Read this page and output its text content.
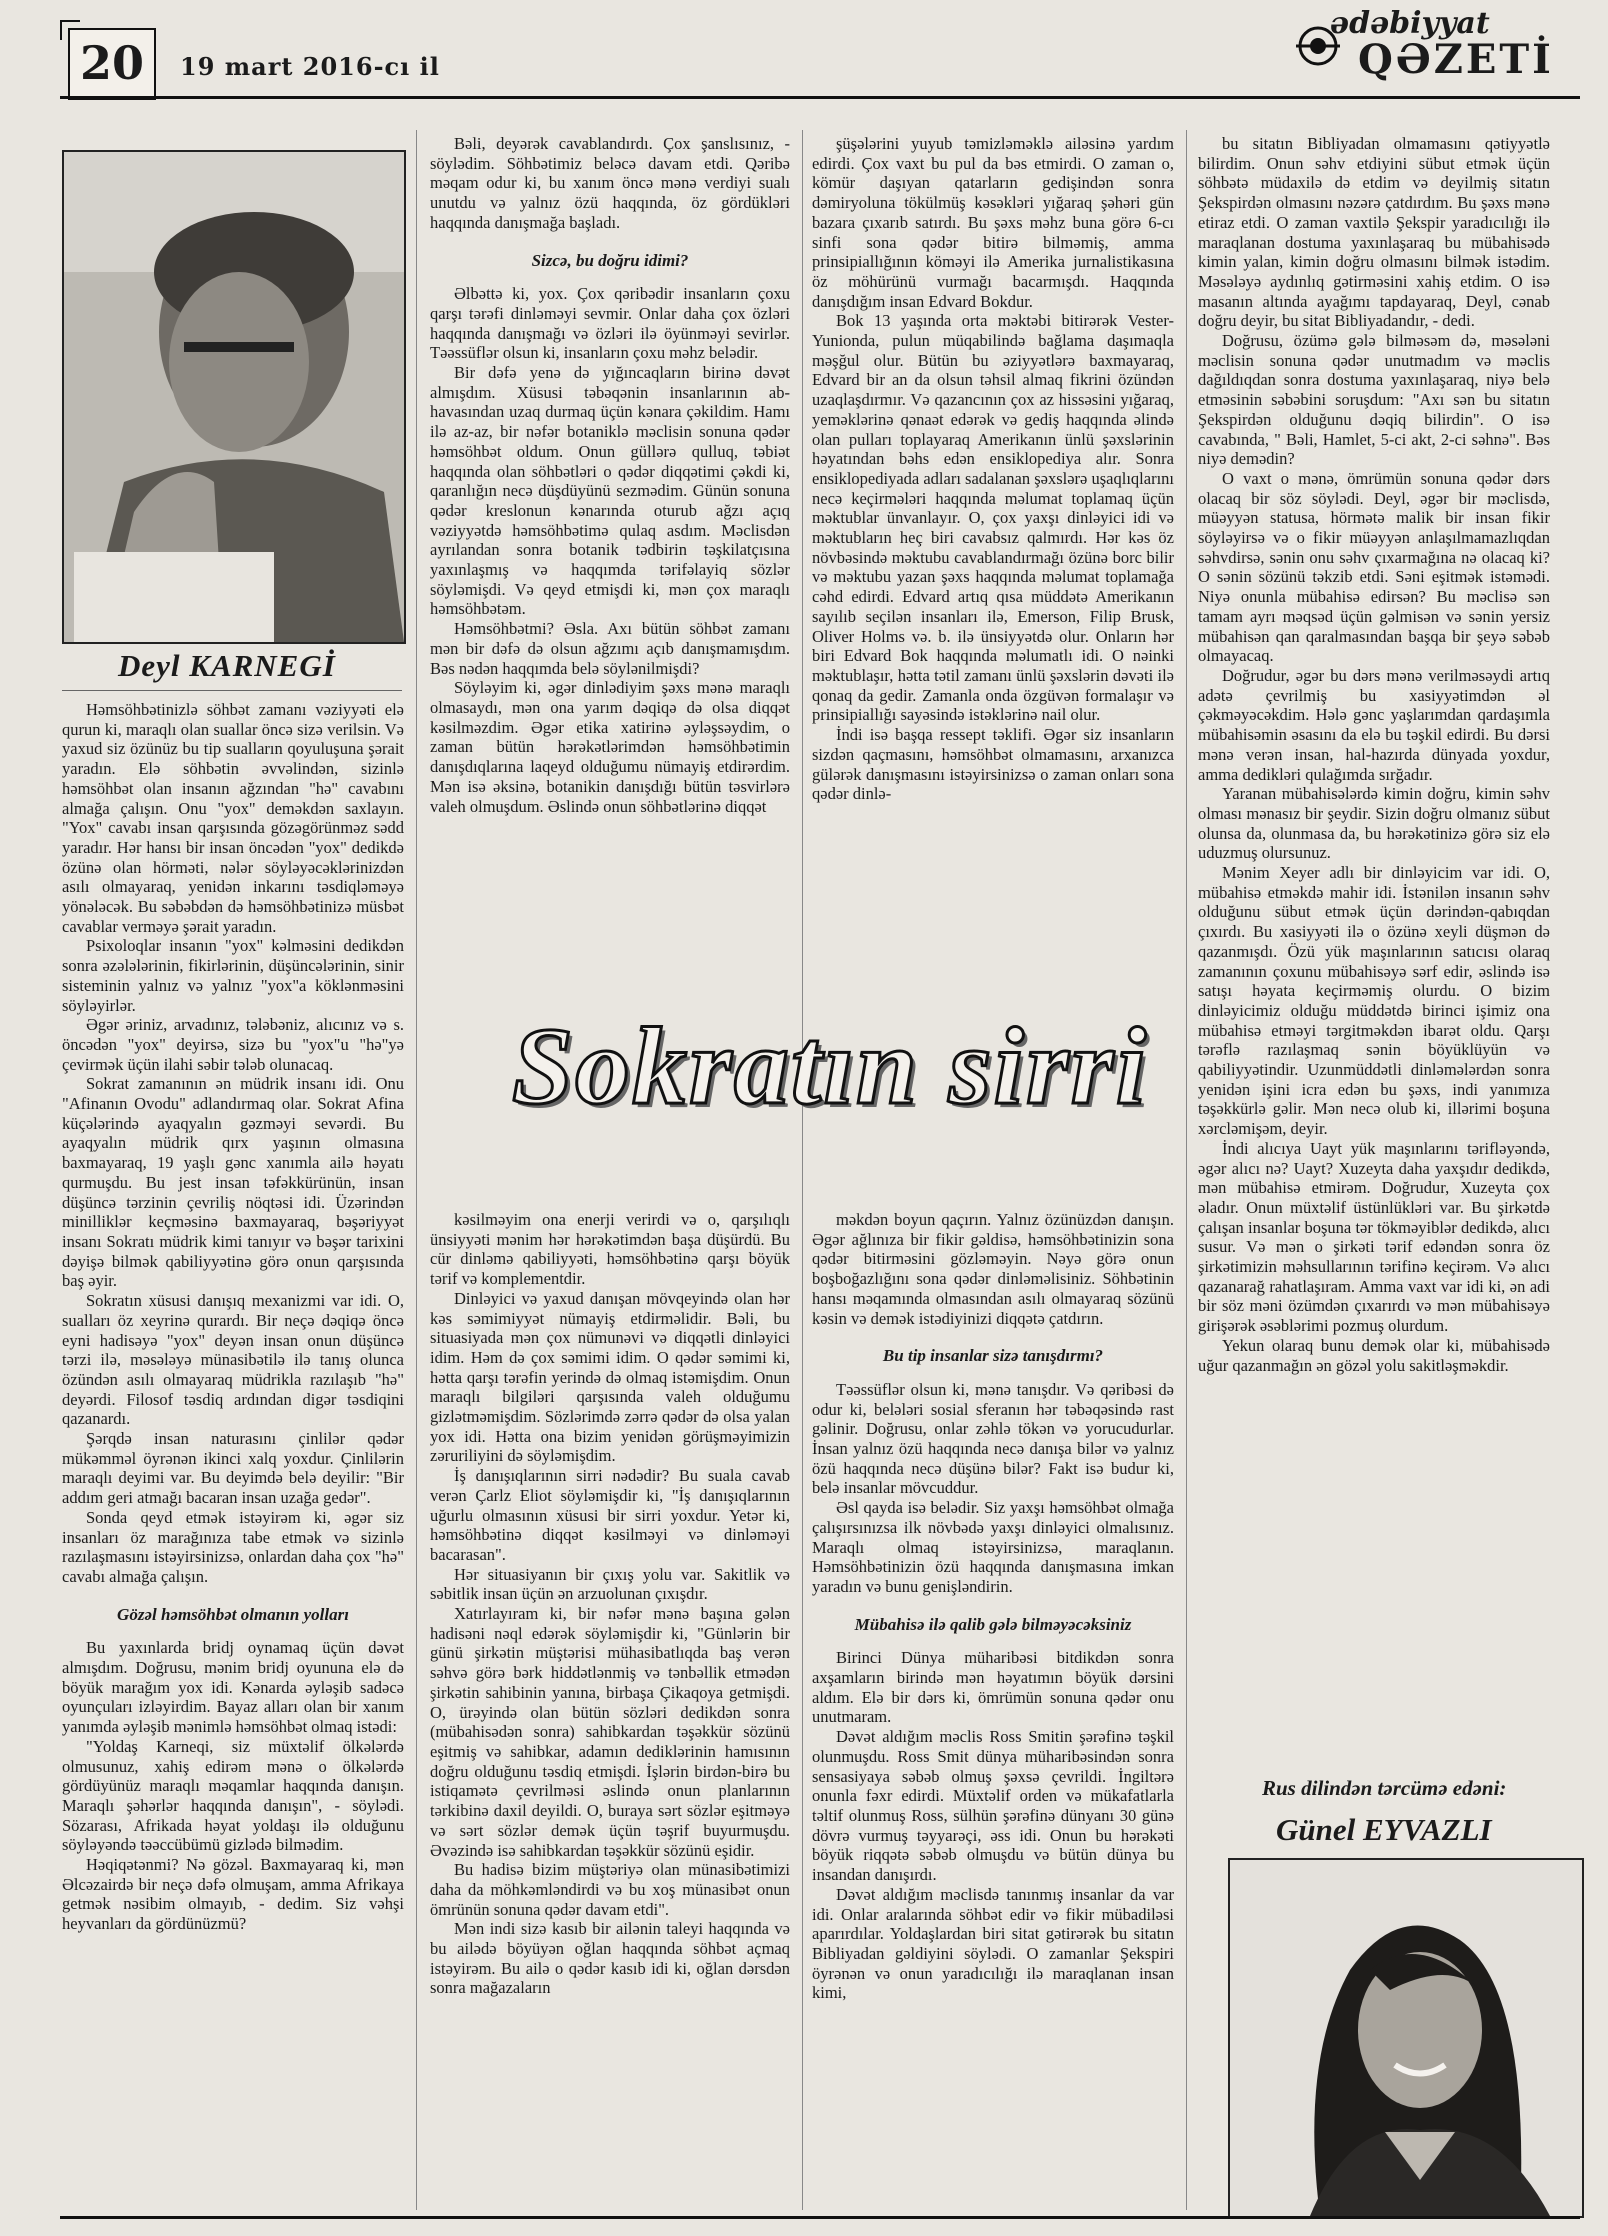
20	19 mart 2016-cı il
ədəbiyyat
QƏZETİ
Deyl KARNEGİ

Həmsöhbətinizlə söhbət zamanı vəziyyəti elə qurun ki, maraqlı olan suallar öncə sizə verilsin. Və yaxud siz özünüz bu tip sualların qoyuluşuna şərait yaradın. Elə söhbətin əvvəlindən, sizinlə həmsöhbət olan insanın ağzından "hə" cavabını almağa çalışın. Onu "yox" deməkdən saxlayın. "Yox" cavabı insan qarşısında gözəgörünməz sədd yaradır. Hər hansı bir insan öncədən "yox" dedikdə özünə olan hörməti, nələr söyləyəcəklərinizdən asılı olmayaraq, yenidən inkarını təsdiqləməyə yönələcək. Bu səbəbdən də həmsöhbətinizə müsbət cavablar verməyə şərait yaradın.

Psixoloqlar insanın "yox" kəlməsini dedikdən sonra əzələlərinin, fikirlərinin, düşüncələrinin, sinir sisteminin yalnız və yalnız "yox"a köklənməsini söyləyirlər.

Əgər əriniz, arvadınız, tələbəniz, alıcınız və s. öncədən "yox" deyirsə, sizə bu "yox"u "hə"yə çevirmək üçün ilahi səbir tələb olunacaq.

Sokrat zamanının ən müdrik insanı idi. Onu "Afinanın Ovodu" adlandırmaq olar. Sokrat Afina küçələrində ayaqyalın gəzməyi sevərdi. Bu ayaqyalın müdrik qırx yaşının olmasına baxmayaraq, 19 yaşlı gənc xanımla ailə həyatı qurmuşdu. Bu jest insan təfəkkürünün, insan düşüncə tərzinin çevriliş nöqtəsi idi. Üzərindən minilliklər keçməsinə baxmayaraq, bəşəriyyət insanı Sokratı müdrik kimi tanıyır və bəşər tarixini dəyişə bilmək qabiliyyətinə görə onun qarşısında baş əyir.

Sokratın xüsusi danışıq mexanizmi var idi. O, sualları öz xeyrinə qurardı. Bir neçə dəqiqə öncə eyni hadisəyə "yox" deyən insan onun düşüncə tərzi ilə, məsələyə münasibətilə ilə tanış olunca özündən asılı olmayaraq müdrikla razılaşıb "hə" deyərdi. Filosof təsdiq ardından digər təsdiqini qazanardı.

Şərqdə insan naturasını çinlilər qədər mükəmməl öyrənən ikinci xalq yoxdur. Çinlilərin maraqlı deyimi var. Bu deyimdə belə deyilir: "Bir addım geri atmağı bacaran insan uzağa gedər".

Sonda qeyd etmək istəyirəm ki, əgər siz insanları öz marağınıza tabe etmək və sizinlə razılaşmasını istəyirsinizsə, onlardan daha çox "hə" cavabı almağa çalışın.

Gözəl həmsöhbət olmanın yolları

Bu yaxınlarda bridj oynamaq üçün dəvət almışdım. Doğrusu, mənim bridj oyununa elə də böyük marağım yox idi. Kənarda əyləşib sadəcə oyunçuları izləyirdim. Bayaz alları olan bir xanım yanımda əyləşib mənimlə həmsöhbət olmaq istədi:

"Yoldaş Karneqi, siz müxtəlif ölkələrdə olmusunuz, xahiş edirəm mənə o ölkələrdə gördüyünüz maraqlı məqamlar haqqında danışın. Maraqlı şəhərlər haqqında danışın", - söylədi. Sözarası, Afrikada həyat yoldaşı ilə olduğunu söyləyəndə təəccübümü gizlədə bilmədim.

Həqiqətənmi? Nə gözəl. Baxmayaraq ki, mən Əlcəzairdə bir neçə dəfə olmuşam, amma Afrikaya getmək nəsibim olmayıb, - dedim. Siz vəhşi heyvanları da gördünüzmü?

Bəli, deyərək cavablandırdı. Çox şanslısınız, - söylədim. Söhbətimiz beləcə davam etdi. Qəribə məqam odur ki, bu xanım öncə mənə verdiyi sualı unutdu və yalnız özü haqqında, öz gördükləri haqqında danışmağa başladı.

Sizcə, bu doğru idimi?

Əlbəttə ki, yox. Çox qəribədir insanların çoxu qarşı tərəfi dinləməyi sevmir. Onlar daha çox özləri haqqında danışmağı və özləri ilə öyünməyi sevirlər. Təəssüflər olsun ki, insanların çoxu məhz belədir.

Bir dəfə yenə də yığıncaqların birinə dəvət almışdım. Xüsusi təbəqənin insanlarının ab-havasından uzaq durmaq üçün kənara çəkildim. Hamı ilə az-az, bir nəfər botaniklə məclisin sonuna qədər həmsöhbət oldum. Onun güllərə qulluq, təbiət haqqında olan söhbətləri o qədər diqqətimi çəkdi ki, qaranlığın necə düşdüyünü sezmədim. Günün sonuna qədər kreslonun kənarında oturub ağzı açıq vəziyyətdə həmsöhbətimə qulaq asdım. Məclisdən ayrılandan sonra botanik tədbirin təşkilatçısına yaxınlaşmış və haqqımda tərifəlayiq sözlər söyləmişdi. Və qeyd etmişdi ki, mən çox maraqlı həmsöhbətəm.

Həmsöhbətmi? Əsla. Axı bütün söhbət zamanı mən bir dəfə də olsun ağzımı açıb danışmamışdım. Bəs nədən haqqımda belə söylənilmişdi?

Söyləyim ki, əgər dinlədiyim şəxs mənə maraqlı olmasaydı, mən ona yarım dəqiqə də olsa diqqət kəsilməzdim. Əgər etika xatirinə əyləşsəydim, o zaman bütün hərəkətlərimdən həmsöhbətimin danışdıqlarına laqeyd olduğumu nümayiş etdirərdim. Mən isə əksinə, botanikin danışdığı bütün təsvirlərə valeh olmuşdum. Əslində onun söhbətlərinə diqqət

şüşələrini yuyub təmizləməklə ailəsinə yardım edirdi. Çox vaxt bu pul da bəs etmirdi. O zaman o, kömür daşıyan qatarların gedişindən sonra dəmiryoluna tökülmüş kəsəkləri yığaraq şəhəri gün bazara çıxarıb satırdı. Bu şəxs məhz buna görə 6-cı sinfi sona qədər bitirə bilməmiş, amma prinsipiallığının köməyi ilə Amerika jurnalistikasına öz möhürünü vurmağı bacarmışdı. Haqqında danışdığım insan Edvard Bokdur.

Bok 13 yaşında orta məktəbi bitirərək Vester-Yunionda, pulun müqabilində bağlama daşımaqla məşğul olur. Bütün bu əziyyətlərə baxmayaraq, Edvard bir an da olsun təhsil almaq fikrini özündən uzaqlaşdırmır. Və qazancının çox az hissəsini yığaraq, yeməklərinə qənaət edərək və gediş haqqında əlində olan pulları toplayaraq Amerikanın ünlü şəxslərinin həyatından bəhs edən ensiklopediya alır. Sonra ensiklopediyada adları sadalanan şəxslərə uşaqlıqlarını necə keçirmələri haqqında məlumat toplamaq üçün məktublar ünvanlayır. O, çox yaxşı dinləyici idi və məktubların heç biri cavabsız qalmırdı. Hər kəs öz növbəsində məktubu cavablandırmağı özünə borc bilir və məktubu yazan şəxs haqqında məlumat toplamağa cəhd edirdi. Edvard artıq qısa müddətə Amerikanın sayılıb seçilən insanları ilə, Emerson, Filip Brusk, Oliver Holms və. b. ilə ünsiyyətdə olur. Onların hər biri Edvard Bok haqqında məlumatlı idi. O nəinki məktublaşır, hətta tətil zamanı ünlü şəxslərin dəvəti ilə qonaq da gedir. Zamanla onda özgüvən formalaşır və prinsipiallığı sayəsində istəklərinə nail olur.

İndi isə başqa ressept təklifi. Əgər siz insanların sizdən qaçmasını, həmsöhbət olmamasını, arxanızca gülərək danışmasını istəyirsinizsə o zaman onları sona qədər dinlə-

Sokratın sirri

kəsilməyim ona enerji verirdi və o, qarşılıqlı ünsiyyəti mənim hər hərəkətimdən başa düşürdü. Bu cür dinləmə qabiliyyəti, həmsöhbətinə qarşı böyük tərif və komplementdir.

Dinləyici və yaxud danışan mövqeyində olan hər kəs səmimiyyət nümayiş etdirməlidir. Bəli, bu situasiyada mən çox nümunəvi və diqqətli dinləyici idim. Həm də çox səmimi idim. O qədər səmimi ki, hətta qarşı tərəfin yerində də olmaq istəmişdim. Onun maraqlı bilgiləri qarşısında valeh olduğumu gizlətməmişdim. Sözlərimdə zərrə qədər də olsa yalan yox idi. Hətta ona bizim yenidən görüşməyimizin zəruriliyini də söyləmişdim.

İş danışıqlarının sirri nədədir? Bu suala cavab verən Çarlz Eliot söyləmişdir ki, "İş danışıqlarının uğurlu olmasının xüsusi bir sirri yoxdur. Yetər ki, həmsöhbətinə diqqət kəsilməyi və dinləməyi bacarasan".

Hər situasiyanın bir çıxış yolu var. Sakitlik və səbitlik insan üçün ən arzuolunan çıxışdır.

Xatırlayıram ki, bir nəfər mənə başına gələn hadisəni nəql edərək söyləmişdir ki, "Günlərin bir günü şirkətin müştərisi mühasibatlıqda baş verən səhvə görə bərk hiddətlənmiş və tənbəllik etmədən şirkətin sahibinin yanına, birbaşa Çikaqoya getmişdi. O, ürəyində olan bütün sözləri dedikdən sonra (mübahisədən sonra) sahibkardan təşəkkür sözünü eşitmiş və sahibkar, adamın dediklərinin hamısının doğru olduğunu təsdiq etmişdi. İşlərin birdən-birə bu istiqamətə çevrilməsi əslində onun planlarının tərkibinə daxil deyildi. O, buraya sərt sözlər eşitməyə və sərt sözlər demək üçün təşrif buyurmuşdu. Əvəzində isə sahibkardan təşəkkür sözünü eşidir.

Bu hadisə bizim müştəriyə olan münasibətimizi daha da möhkəmləndirdi və bu xoş münasibət onun ömrünün sonuna qədər davam etdi".

Mən indi sizə kasıb bir ailənin taleyi haqqında və bu ailədə böyüyən oğlan haqqında söhbət açmaq istəyirəm. Bu ailə o qədər kasıb idi ki, oğlan dərsdən sonra mağazaların

məkdən boyun qaçırın. Yalnız özünüzdən danışın. Əgər ağlınıza bir fikir gəldisə, həmsöhbətinizin sona qədər bitirməsini gözləməyin. Nəyə görə onun boşboğazlığını sona qədər dinləməlisiniz. Söhbətinin hansı məqamında olmasından asılı olmayaraq sözünü kəsin və demək istədiyinizi diqqətə çatdırın.

Bu tip insanlar sizə tanışdırmı?

Təəssüflər olsun ki, mənə tanışdır. Və qəribəsi də odur ki, belələri sosial sferanın hər təbəqəsində rast gəlinir. Doğrusu, onlar zəhlə tökən və yorucudurlar. İnsan yalnız özü haqqında necə danışa bilər və yalnız özü haqqında necə düşünə bilər? Fakt isə budur ki, belə insanlar mövcuddur.

Əsl qayda isə belədir. Siz yaxşı həmsöhbət olmağa çalışırsınızsa ilk növbədə yaxşı dinləyici olmalısınız. Maraqlı olmaq istəyirsinizsə, maraqlanın. Həmsöhbətinizin özü haqqında danışmasına imkan yaradın və bunu genişləndirin.

Mübahisə ilə qalib gələ bilməyəcəksiniz

Birinci Dünya müharibəsi bitdikdən sonra axşamların birində mən həyatımın böyük dərsini aldım. Elə bir dərs ki, ömrümün sonuna qədər onu unutmaram.

Dəvət aldığım məclis Ross Smitin şərəfinə təşkil olunmuşdu. Ross Smit dünya müharibəsindən sonra sensasiyaya səbəb olmuş şəxsə çevrildi. İngiltərə onunla fəxr edirdi. Müxtəlif orden və mükafatlarla təltif olunmuş Ross, sülhün şərəfinə dünyanı 30 günə dövrə vurmuş təyyarəçi, əss idi. Onun bu hərəkəti böyük riqqətə səbəb olmuşdu və bütün dünya bu insandan danışırdı.

Dəvət aldığım məclisdə tanınmış insanlar da var idi. Onlar aralarında söhbət edir və fikir mübadiləsi aparırdılar. Yoldaşlardan biri sitat gətirərək bu sitatın Bibliyadan gəldiyini söylədi. O zamanlar Şekspiri öyrənən və onun yaradıcılığı ilə maraqlanan insan kimi,

bu sitatın Bibliyadan olmamasını qətiyyətlə bilirdim. Onun səhv etdiyini sübut etmək üçün söhbətə müdaxilə də etdim və deyilmiş sitatın Şekspirdən olmasını nəzərə çatdırdım. Bu şəxs mənə etiraz etdi. O zaman vaxtilə Şekspir yaradıcılığı ilə maraqlanan dostuma yaxınlaşaraq bu mübahisədə kimin yalan, kimin doğru olmasını bilmək istədim. Məsələyə aydınlıq gətirməsini xahiş etdim. O isə masanın altında ayağımı tapdayaraq, Deyl, cənab doğru deyir, bu sitat Bibliyadandır, - dedi.

Doğrusu, özümə gələ bilməsəm də, məsələni məclisin sonuna qədər unutmadım və məclis dağıldıqdan sonra dostuma yaxınlaşaraq, niyə belə etməsinin səbəbini soruşdum: "Axı sən bu sitatın Şekspirdən olduğunu dəqiq bilirdin". O isə cavabında, " Bəli, Hamlet, 5-ci akt, 2-ci səhnə". Bəs niyə demədin?

O vaxt o mənə, ömrümün sonuna qədər dərs olacaq bir söz söylədi. Deyl, əgər bir məclisdə, müəyyən statusa, hörmətə malik bir insan fikir söyləyirsə və o fikir müəyyən anlaşılmamazlıqdan səhvdirsə, sənin onu səhv çıxarmağına nə olacaq ki? O sənin sözünü təkzib etdi. Səni eşitmək istəmədi. Niyə onunla mübahisə edirsən? Bu məclisə sən tamam ayrı məqsəd üçün gəlmisən və sənin yersiz mübahisən qan qaralmasından başqa bir şeyə səbəb olmayacaq.

Doğrudur, əgər bu dərs mənə verilməsəydi artıq adətə çevrilmiş bu xasiyyətimdən əl çəkməyəcəkdim. Hələ gənc yaşlarımdan qardaşımla mübahisəmin əsasını da elə bu təşkil edirdi. Bu dərsi mənə verən insan, hal-hazırda dünyada yoxdur, amma dedikləri qulağımda sırğadır.

Yaranan mübahisələrdə kimin doğru, kimin səhv olması mənasız bir şeydir. Sizin doğru olmanız sübut olunsa da, olunmasa da, bu hərəkətinizə görə siz elə uduzmuş olursunuz.

Mənim Xeyer adlı bir dinləyicim var idi. O, mübahisə etməkdə mahir idi. İstənilən insanın səhv olduğunu sübut etmək üçün dərindən-qabıqdan çıxırdı. Bu xasiyyəti ilə o özünə xeyli düşmən də qazanmışdı. Özü yük maşınlarının satıcısı olaraq zamanının çoxunu mübahisəyə sərf edir, əslində isə satışı həyata keçirməmiş olurdu. O bizim dinləyicimiz olduğu müddətdə birinci işimiz ona mübahisə etməyi tərgitməkdən ibarət oldu. Qarşı tərəflə razılaşmaq sənin böyüklüyün və qabiliyyətindir. Uzunmüddətli dinləmələrdən sonra yenidən işini icra edən bu şəxs, indi yanımıza təşəkkürlə gəlir. Mən necə olub ki, illərimi boşuna xərcləmişəm, deyir.

İndi alıcıya Uayt yük maşınlarını tərifləyəndə, əgər alıcı nə? Uayt? Xuzeyta daha yaxşıdır dedikdə, mən mübahisə etmirəm. Doğrudur, Xuzeyta çox əladır. Onun müxtəlif üstünlükləri var. Bu şirkətdə çalışan insanlar boşuna tər tökməyiblər dedikdə, alıcı susur. Və mən o şirkəti tərif edəndən sonra öz şirkətimizin məhsullarının tərifinə keçirəm. Və alıcı qazanarağ rahatlaşıram. Amma vaxt var idi ki, ən adi bir söz məni özümdən çıxarırdı və mən mübahisəyə girişərək əsəblərimi pozmuş olurdum.

Yekun olaraq bunu demək olar ki, mübahisədə uğur qazanmağın ən gözəl yolu sakitləşməkdir.

Rus dilindən tərcümə edəni:
Günel EYVAZLI
